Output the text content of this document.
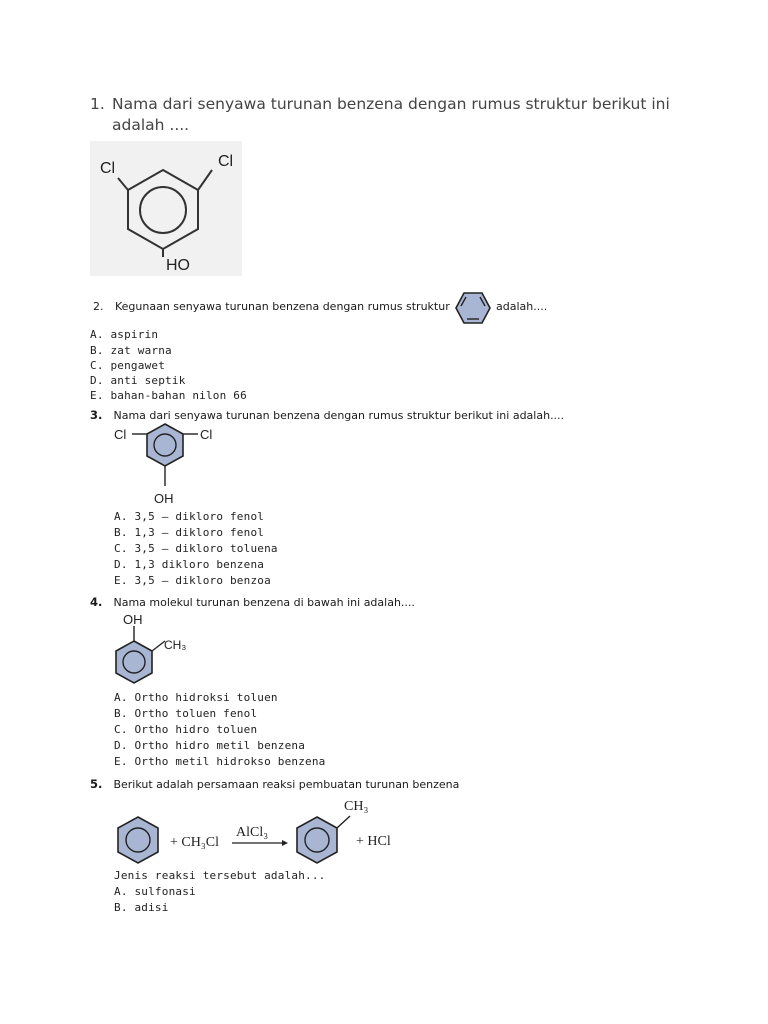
1. Nama dari senyawa turunan benzena dengan rumus struktur berikut ini adalah ....
Cl	Cl
HO
2. Kegunaan senyawa turunan benzena dengan rumus struktur	adalah....
A. aspirin
B. zat warna
C. pengawet
D. anti septik
E. bahan-bahan nilon 66
3. Nama dari senyawa turunan benzena dengan rumus struktur berikut ini adalah....
Cl	Cl
OH
A. 3,5 – dikloro fenol
B. 1,3 – dikloro fenol
C. 3,5 – dikloro toluena
D. 1,3 dikloro benzena
E. 3,5 – dikloro benzoa
4. Nama molekul turunan benzena di bawah ini adalah....
OH
CH₃
A. Ortho hidroksi toluen
B. Ortho toluen fenol
C. Ortho hidro toluen
D. Ortho hidro metil benzena
E. Ortho metil hidrokso benzena
5. Berikut adalah persamaan reaksi pembuatan turunan benzena
+ CH₃Cl
AlCl₃
CH₃
+ HCl
Jenis reaksi tersebut adalah...
A. sulfonasi
B. adisi
